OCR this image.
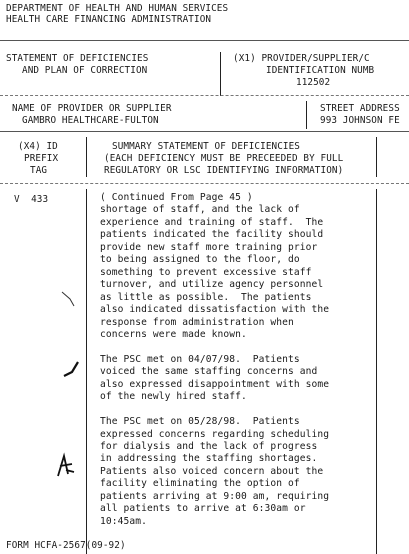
DEPARTMENT OF HEALTH AND HUMAN SERVICES
HEALTH CARE FINANCING ADMINISTRATION
STATEMENT OF DEFICIENCIES
AND PLAN OF CORRECTION
(X1) PROVIDER/SUPPLIER/C
IDENTIFICATION NUMB
112502
NAME OF PROVIDER OR SUPPLIER
GAMBRO HEALTHCARE-FULTON
STREET ADDRESS
993 JOHNSON FE
(X4) ID
PREFIX
TAG
SUMMARY STATEMENT OF DEFICIENCIES
(EACH DEFICIENCY MUST BE PRECEEDED BY FULL
REGULATORY OR LSC IDENTIFYING INFORMATION)
V  433	( Continued From Page 45 )
shortage of staff, and the lack of
experience and training of staff.  The
patients indicated the facility should
provide new staff more training prior
to being assigned to the floor, do
something to prevent excessive staff
turnover, and utilize agency personnel
as little as possible.  The patients
also indicated dissatisfaction with the
response from administration when
concerns were made known.
The PSC met on 04/07/98.  Patients
voiced the same staffing concerns and
also expressed disappointment with some
of the newly hired staff.
The PSC met on 05/28/98.  Patients
expressed concerns regarding scheduling
for dialysis and the lack of progress
in addressing the staffing shortages.
Patients also voiced concern about the
facility eliminating the option of
patients arriving at 9:00 am, requiring
all patients to arrive at 6:30am or
10:45am.
FORM HCFA-2567(09-92)
